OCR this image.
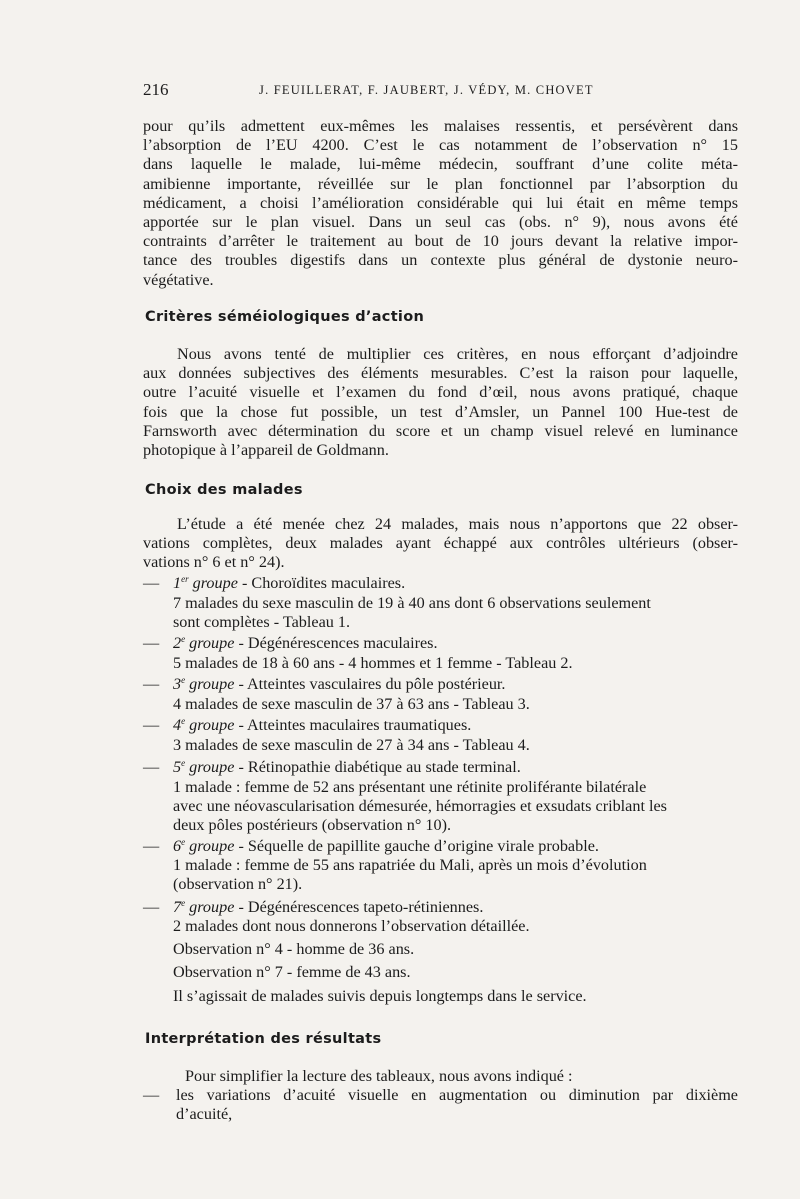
216	J. FEUILLERAT, F. JAUBERT, J. VÉDY, M. CHOVET
pour qu’ils admettent eux-mêmes les malaises ressentis, et persévèrent dans
l’absorption de l’EU 4200. C’est le cas notamment de l’observation n° 15
dans laquelle le malade, lui-même médecin, souffrant d’une colite méta-
amibienne importante, réveillée sur le plan fonctionnel par l’absorption du
médicament, a choisi l’amélioration considérable qui lui était en même temps
apportée sur le plan visuel. Dans un seul cas (obs. n° 9), nous avons été
contraints d’arrêter le traitement au bout de 10 jours devant la relative impor-
tance des troubles digestifs dans un contexte plus général de dystonie neuro-
végétative.
Critères séméiologiques d’action
Nous avons tenté de multiplier ces critères, en nous efforçant d’adjoindre
aux données subjectives des éléments mesurables. C’est la raison pour laquelle,
outre l’acuité visuelle et l’examen du fond d’œil, nous avons pratiqué, chaque
fois que la chose fut possible, un test d’Amsler, un Pannel 100 Hue-test de
Farnsworth avec détermination du score et un champ visuel relevé en luminance
photopique à l’appareil de Goldmann.
Choix des malades
L’étude a été menée chez 24 malades, mais nous n’apportons que 22 obser-
vations complètes, deux malades ayant échappé aux contrôles ultérieurs (obser-
vations n° 6 et n° 24).
— 1er groupe - Choroïdites maculaires.
7 malades du sexe masculin de 19 à 40 ans dont 6 observations seulement
sont complètes - Tableau 1.
— 2e groupe - Dégénérescences maculaires.
5 malades de 18 à 60 ans - 4 hommes et 1 femme - Tableau 2.
— 3e groupe - Atteintes vasculaires du pôle postérieur.
4 malades de sexe masculin de 37 à 63 ans - Tableau 3.
— 4e groupe - Atteintes maculaires traumatiques.
3 malades de sexe masculin de 27 à 34 ans - Tableau 4.
— 5e groupe - Rétinopathie diabétique au stade terminal.
1 malade : femme de 52 ans présentant une rétinite proliférante bilatérale
avec une néovascularisation démesurée, hémorragies et exsudats criblant les
deux pôles postérieurs (observation n° 10).
— 6e groupe - Séquelle de papillite gauche d’origine virale probable.
1 malade : femme de 55 ans rapatriée du Mali, après un mois d’évolution
(observation n° 21).
— 7e groupe - Dégénérescences tapeto-rétiniennes.
2 malades dont nous donnerons l’observation détaillée.
Observation n° 4 - homme de 36 ans.
Observation n° 7 - femme de 43 ans.
Il s’agissait de malades suivis depuis longtemps dans le service.
Interprétation des résultats
Pour simplifier la lecture des tableaux, nous avons indiqué :
— les variations d’acuité visuelle en augmentation ou diminution par dixième
d’acuité,
